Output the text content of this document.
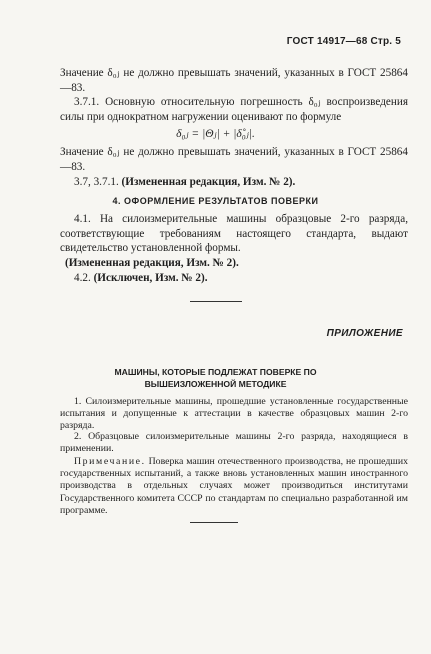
ГОСТ 14917—68 Стр. 5
Значение δ₀ⱼ не должно превышать значений, указанных в ГОСТ 25864—83.
3.7.1. Основную относительную погрешность δ₀ⱼ воспроизведения силы при однократном нагружении оценивают по формуле
δ₀ⱼ = |Θⱼ| + |δ̊₀ⱼ|.
Значение δ₀ⱼ не должно превышать значений, указанных в ГОСТ 25864—83.
3.7, 3.7.1. (Измененная редакция, Изм. № 2).
4. ОФОРМЛЕНИЕ РЕЗУЛЬТАТОВ ПОВЕРКИ
4.1. На силоизмерительные машины образцовые 2-го разряда, соответствующие требованиям настоящего стандарта, выдают свидетельство установленной формы.
(Измененная редакция, Изм. № 2).
4.2. (Исключен, Изм. № 2).
ПРИЛОЖЕНИЕ
МАШИНЫ, КОТОРЫЕ ПОДЛЕЖАТ ПОВЕРКЕ ПО
ВЫШЕИЗЛОЖЕННОЙ МЕТОДИКЕ
1. Силоизмерительные машины, прошедшие установленные государственные испытания и допущенные к аттестации в качестве образцовых машин 2-го разряда.
2. Образцовые силоизмерительные машины 2-го разряда, находящиеся в применении.
Примечание. Поверка машин отечественного производства, не прошедших государственных испытаний, а также вновь установленных машин иностранного производства в отдельных случаях может производиться институтами Государственного комитета СССР по стандартам по специально разработанной им программе.
